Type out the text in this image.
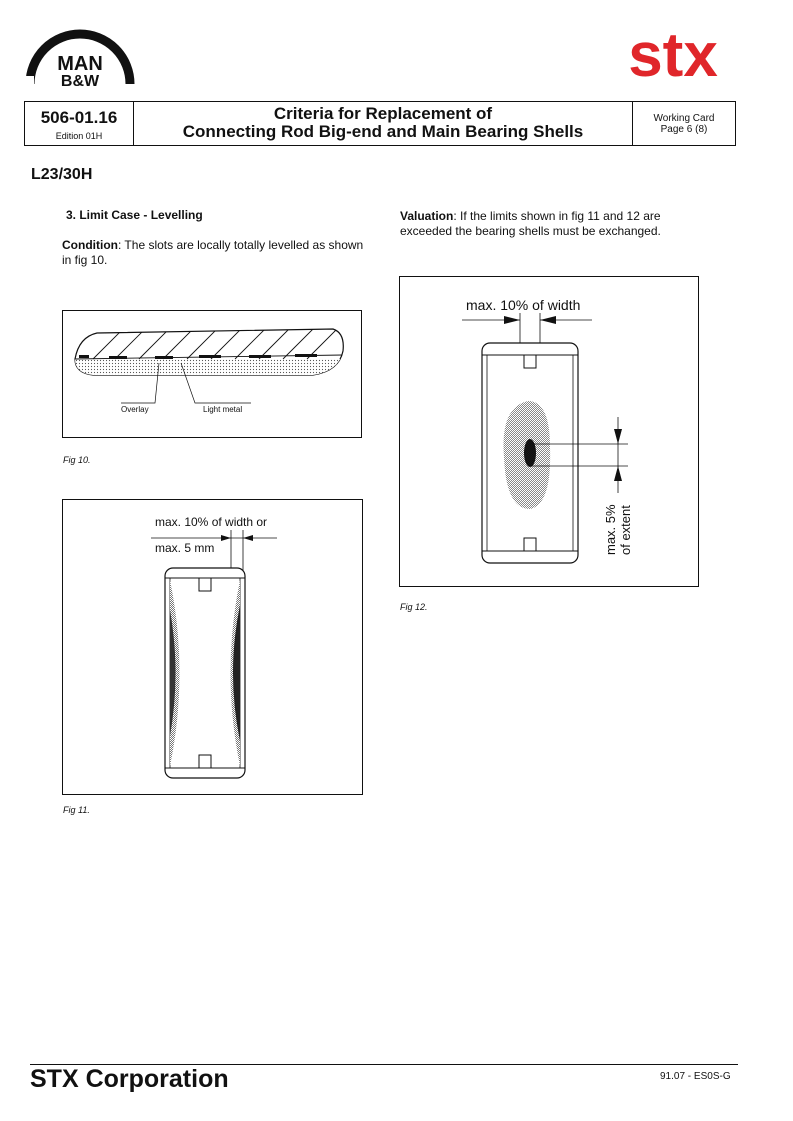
MAN
B&W	stx
506-01.16
Edition 01H
Criteria for Replacement of
Connecting Rod Big-end and Main Bearing Shells
Working Card
Page 6 (8)
L23/30H
3. Limit Case - Levelling
Condition: The slots are locally totally levelled as shown in fig 10.
Valuation: If the limits shown in fig 11 and 12 are exceeded the bearing shells must be exchanged.
Overlay	Light metal
Fig 10.
max. 10% of width or
max. 5 mm
Fig 11.
max. 10% of width
max. 5% of extent
Fig 12.
STX Corporation	91.07 - ES0S-G
